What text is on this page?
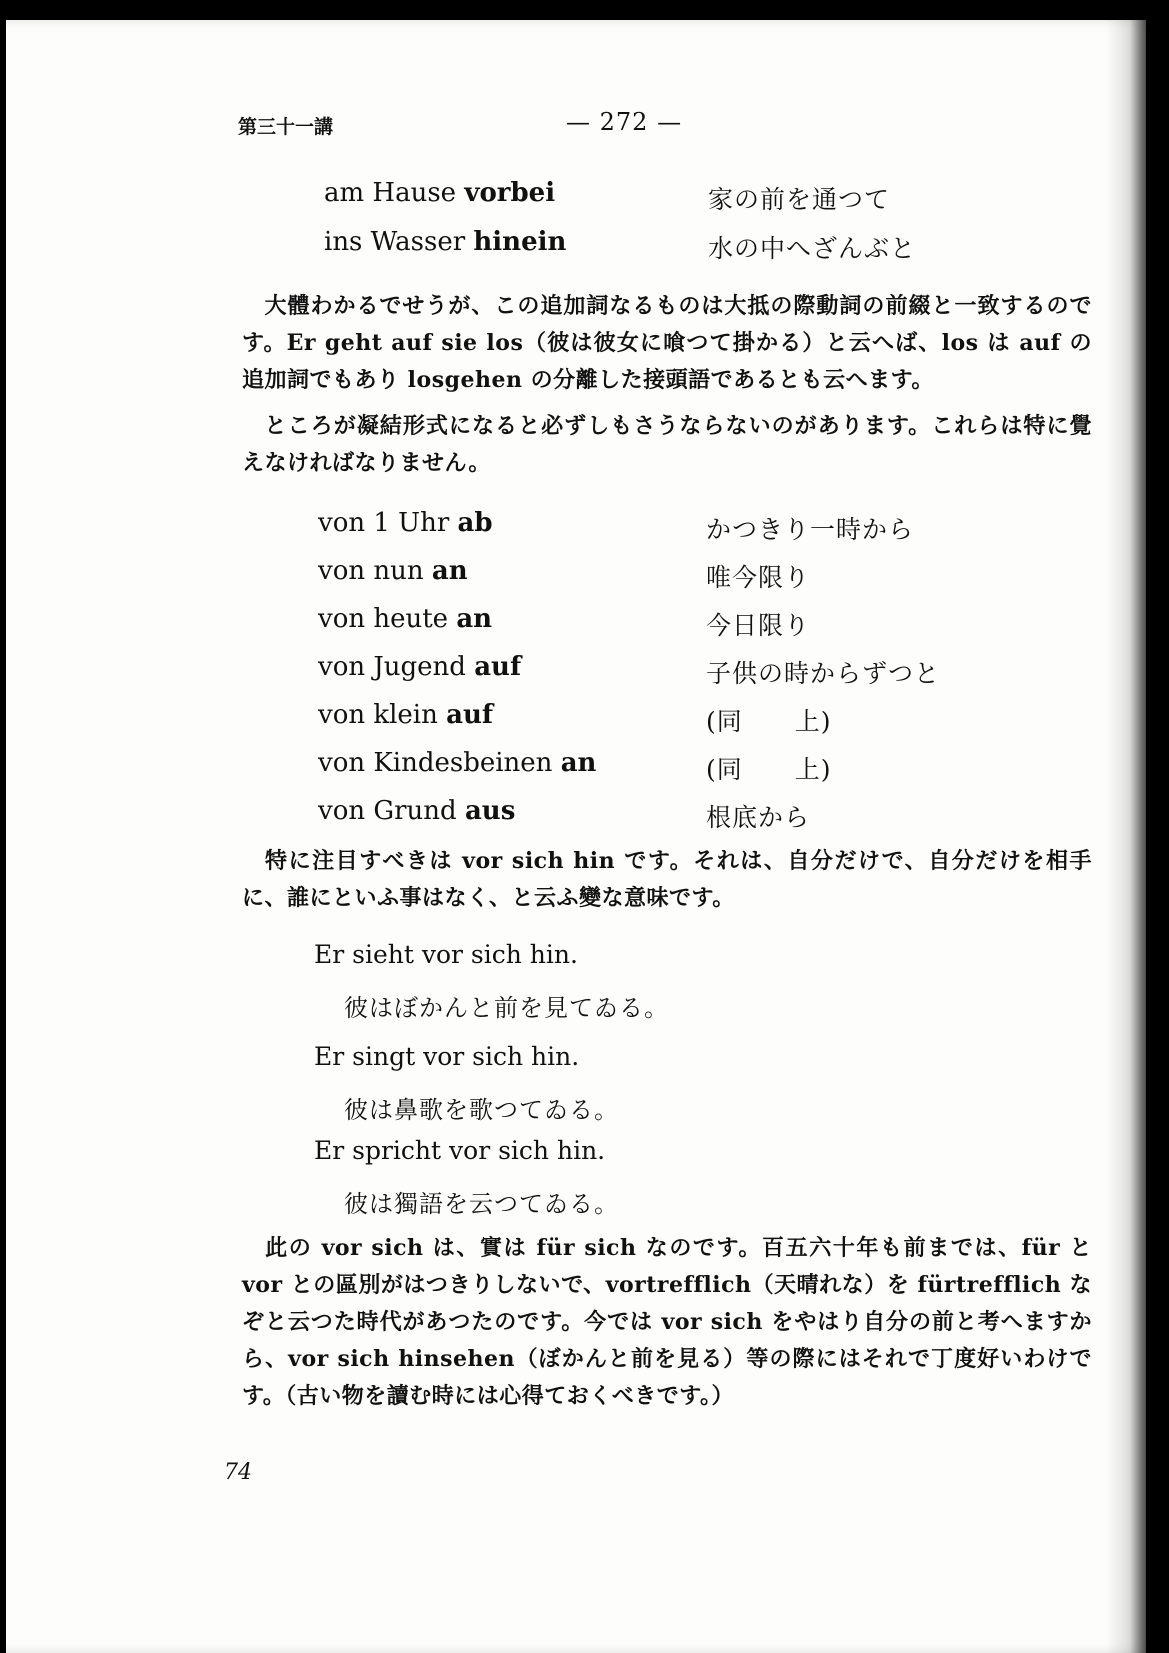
第三十一講	— 272 —
am Hause vorbei	家の前を通つて
ins Wasser hinein	水の中へざんぶと
大體わかるでせうが、この追加詞なるものは大抵の際動詞の前綴と一致するのです。Er geht auf sie los（彼は彼女に喰つて掛かる）と云へば、los は auf の追加詞でもあり losgehen の分離した接頭語であるとも云へます。
ところが凝結形式になると必ずしもさうならないのがあります。これらは特に覺えなければなりません。
von 1 Uhr ab	かつきり一時から
von nun an	唯今限り
von heute an	今日限り
von Jugend auf	子供の時からずつと
von klein auf	(同　　上)
von Kindesbeinen an	(同　　上)
von Grund aus	根底から
特に注目すべきは vor sich hin です。それは、自分だけで、自分だけを相手に、誰にといふ事はなく、と云ふ變な意味です。
Er sieht vor sich hin.
彼はぼかんと前を見てゐる。
Er singt vor sich hin.
彼は鼻歌を歌つてゐる。
Er spricht vor sich hin.
彼は獨語を云つてゐる。
此の vor sich は、實は für sich なのです。百五六十年も前までは、für と vor との區別がはつきりしないで、vortrefflich（天晴れな）を fürtrefflich なぞと云つた時代があつたのです。今では vor sich をやはり自分の前と考へますから、vor sich hinsehen（ぼかんと前を見る）等の際にはそれで丁度好いわけです。（古い物を讀む時には心得ておくべきです。）
74
